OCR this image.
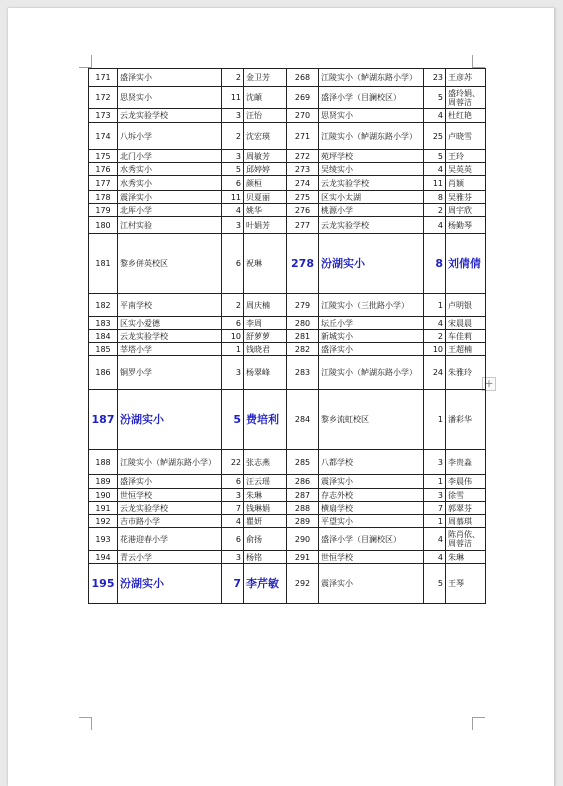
+
171	盛泽实小	2	金卫芳	268	江陵实小（鲈湖东路小学）	23	王彦苏
172	思贤实小	11	沈頔	269	盛泽小学（目澜校区）	5	盛玲娟、周蓉洁
173	云龙实验学校	3	汪怡	270	思贤实小	4	杜红艳
174	八坼小学	2	沈宏瑛	271	江陵实小（鲈湖东路小学）	25	卢晓雪
175	北门小学	3	周敏芳	272	苑坪学校	5	王玲
176	水秀实小	5	邱婷婷	273	吴绫实小	4	吴英英
177	水秀实小	6	颜桓	274	云龙实验学校	11	肖颖
178	震泽实小	11	贝夏丽	275	区实小太湖	8	吴雅芬
179	北厍小学	4	姚华	276	桃源小学	2	周宇欣
180	江村实验	3	叶娟芳	277	云龙实验学校	4	杨勤琴
181	黎乡併英校区	6	祝琳	278	汾湖实小	8	刘倩倩
182	平南学校	2	周庆楠	279	江陵实小（三批路小学）	1	卢明银
183	区实小爱德	6	李周	280	坛丘小学	4	宋晨晨
184	云龙实验学校	10	舒萝萝	281	新城实小	2	车佳莉
185	莘塔小学	1	钱晓君	282	盛泽实小	10	王超楠
186	铜罗小学	3	杨翠峰	283	江陵实小（鲈湖东路小学）	24	朱雅玲
187	汾湖实小	5	费培利	284	黎乡流虹校区	1	潘彩华
188	江陵实小（鲈湖东路小学）	22	张志燕	285	八都学校	3	李贵淼
189	盛泽实小	6	汪云瑶	286	震泽实小	1	李晨伟
190	世恒学校	3	朱琳	287	存志外校	3	徐雪
191	云龙实验学校	7	钱琳娟	288	横扇学校	7	郭翠芬
192	吉市路小学	4	瞿妍	289	平望实小	1	周慕琪
193	花港迎春小学	6	俞扬	290	盛泽小学（目澜校区）	4	陈肖依、周蓉洁
194	青云小学	3	杨铭	291	世恒学校	4	朱琳
195	汾湖实小	7	李芹敏	292	震泽实小	5	王琴
